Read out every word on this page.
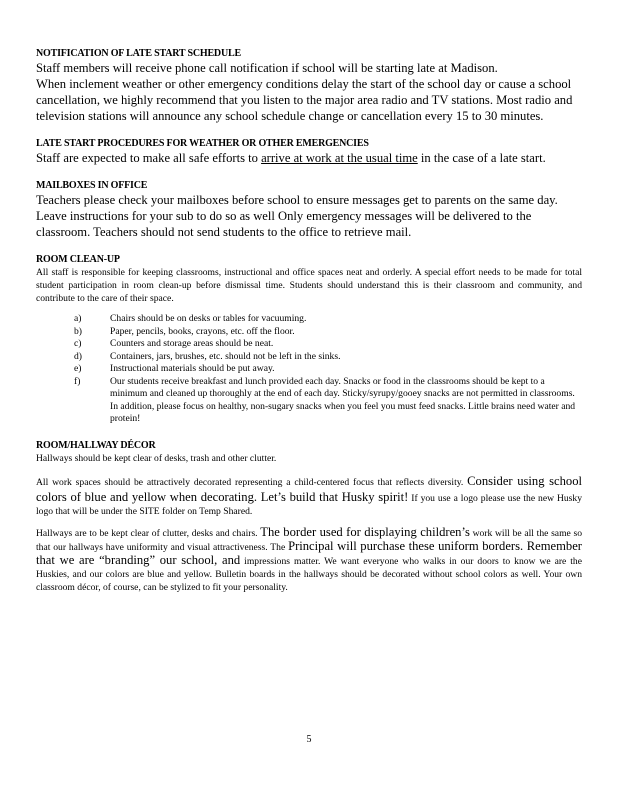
NOTIFICATION OF LATE START SCHEDULE

Staff members will receive phone call notification if school will be starting late at Madison.

When inclement weather or other emergency conditions delay the start of the school day or cause a school cancellation, we highly recommend that you listen to the major area radio and TV stations. Most radio and television stations will announce any school schedule change or cancellation every 15 to 30 minutes.

LATE START PROCEDURES FOR WEATHER OR OTHER EMERGENCIES

Staff are expected to make all safe efforts to arrive at work at the usual time in the case of a late start.

MAILBOXES IN OFFICE

Teachers please check your mailboxes before school to ensure messages get to parents on the same day. Leave instructions for your sub to do so as well Only emergency messages will be delivered to the classroom. Teachers should not send students to the office to retrieve mail.

ROOM CLEAN-UP

All staff is responsible for keeping classrooms, instructional and office spaces neat and orderly. A special effort needs to be made for total student participation in room clean-up before dismissal time. Students should understand this is their classroom and community, and contribute to the care of their space.

a)	Chairs should be on desks or tables for vacuuming.
b)	Paper, pencils, books, crayons, etc. off the floor.
c)	Counters and storage areas should be neat.
d)	Containers, jars, brushes, etc. should not be left in the sinks.
e)	Instructional materials should be put away.
f)	Our students receive breakfast and lunch provided each day. Snacks or food in the classrooms should be kept to a minimum and cleaned up thoroughly at the end of each day. Sticky/syrupy/gooey snacks are not permitted in classrooms. In addition, please focus on healthy, non-sugary snacks when you feel you must feed snacks. Little brains need water and protein!
ROOM/HALLWAY DÉCOR

Hallways should be kept clear of desks, trash and other clutter.

All work spaces should be attractively decorated representing a child-centered focus that reflects diversity. Consider using school colors of blue and yellow when decorating. Let’s build that Husky spirit! If you use a logo please use the new Husky logo that will be under the SITE folder on Temp Shared.

Hallways are to be kept clear of clutter, desks and chairs. The border used for displaying children’s work will be all the same so that our hallways have uniformity and visual attractiveness. The Principal will purchase these uniform borders. Remember that we are “branding” our school, and impressions matter. We want everyone who walks in our doors to know we are the Huskies, and our colors are blue and yellow. Bulletin boards in the hallways should be decorated without school colors as well. Your own classroom décor, of course, can be stylized to fit your personality.

5
